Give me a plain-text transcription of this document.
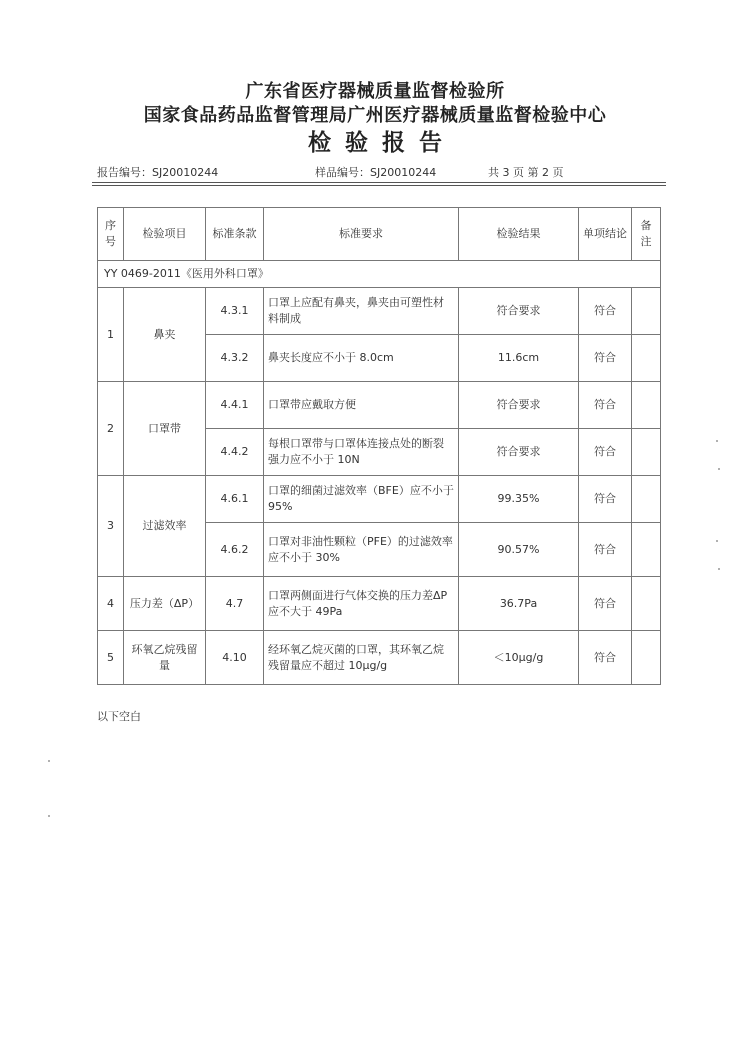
广东省医疗器械质量监督检验所
国家食品药品监督管理局广州医疗器械质量监督检验中心
检验报告
报告编号：SJ20010244	样品编号：SJ20010244	共 3 页 第 2 页
序号	检验项目	标准条款	标准要求	检验结果	单项结论	备注
YY 0469-2011《医用外科口罩》						
1	鼻夹	4.3.1	口罩上应配有鼻夹，鼻夹由可塑性材料制成	符合要求	符合	
		4.3.2	鼻夹长度应不小于 8.0cm	11.6cm	符合	
2	口罩带	4.4.1	口罩带应戴取方便	符合要求	符合	
		4.4.2	每根口罩带与口罩体连接点处的断裂强力应不小于 10N	符合要求	符合	
3	过滤效率	4.6.1	口罩的细菌过滤效率（BFE）应不小于 95%	99.35%	符合	
		4.6.2	口罩对非油性颗粒（PFE）的过滤效率应不小于 30%	90.57%	符合	
4	压力差（ΔP）	4.7	口罩两侧面进行气体交换的压力差ΔP 应不大于 49Pa	36.7Pa	符合	
5	环氧乙烷残留量	4.10	经环氧乙烷灭菌的口罩，其环氧乙烷残留量应不超过 10μg/g	＜10μg/g	符合	
以下空白
